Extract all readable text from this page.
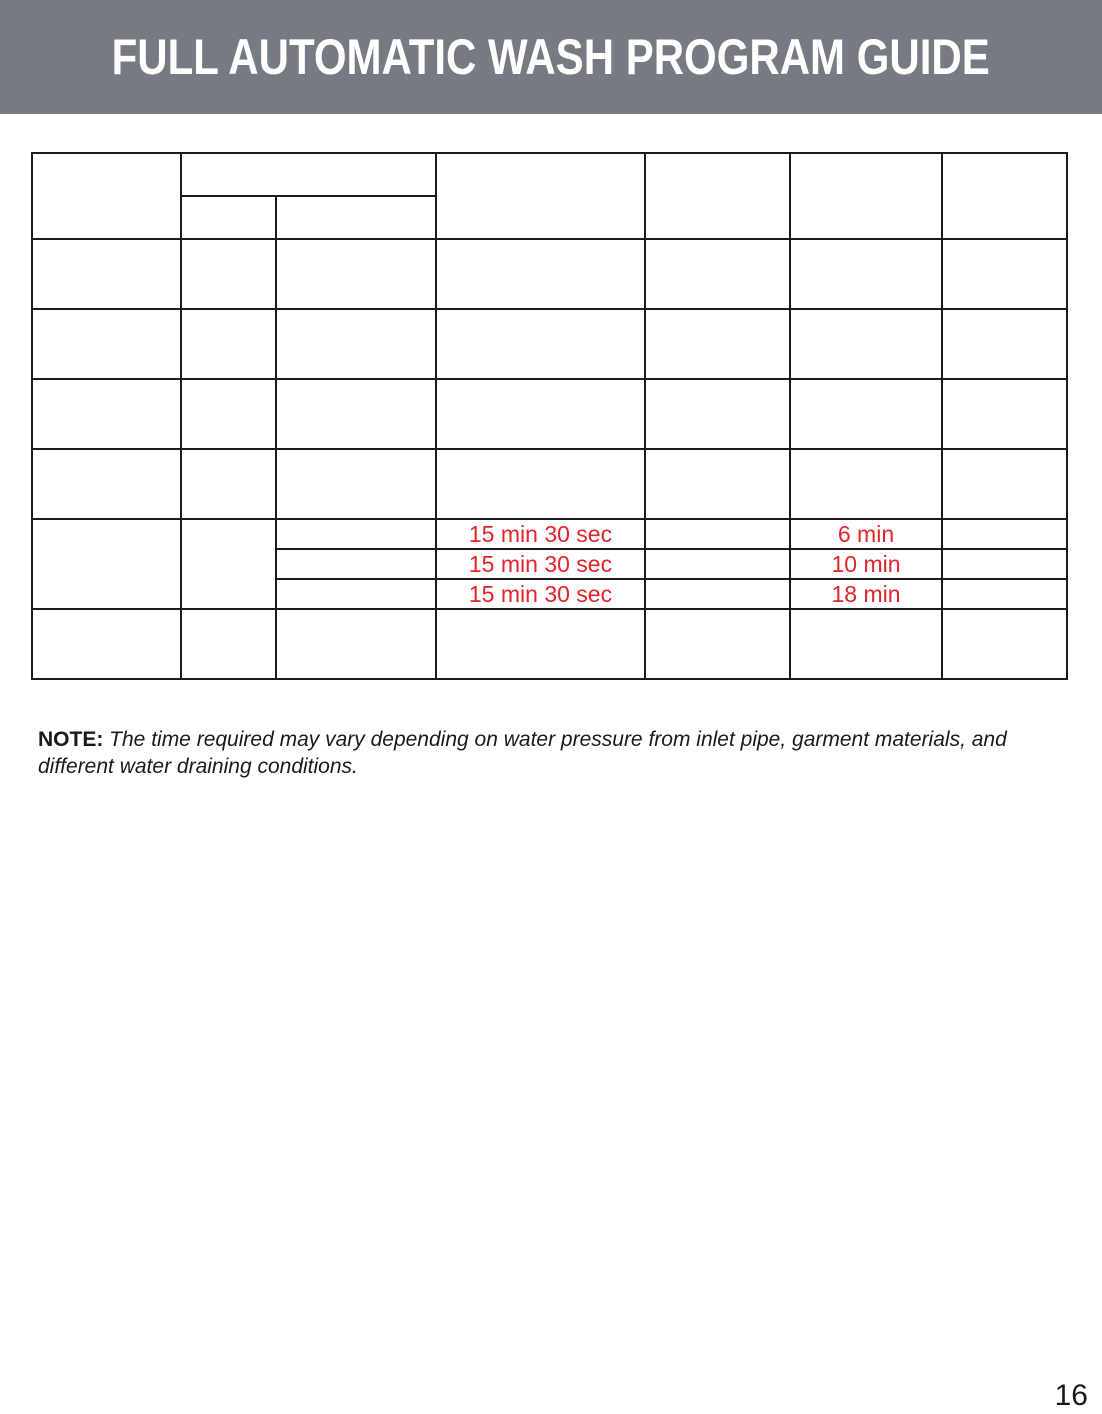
FULL AUTOMATIC WASH PROGRAM GUIDE

			15 min 30 sec		6 min	
			15 min 30 sec		10 min	
			15 min 30 sec		18 min	

NOTE: The time required may vary depending on water pressure from inlet pipe, garment materials, and different water draining conditions.

16
